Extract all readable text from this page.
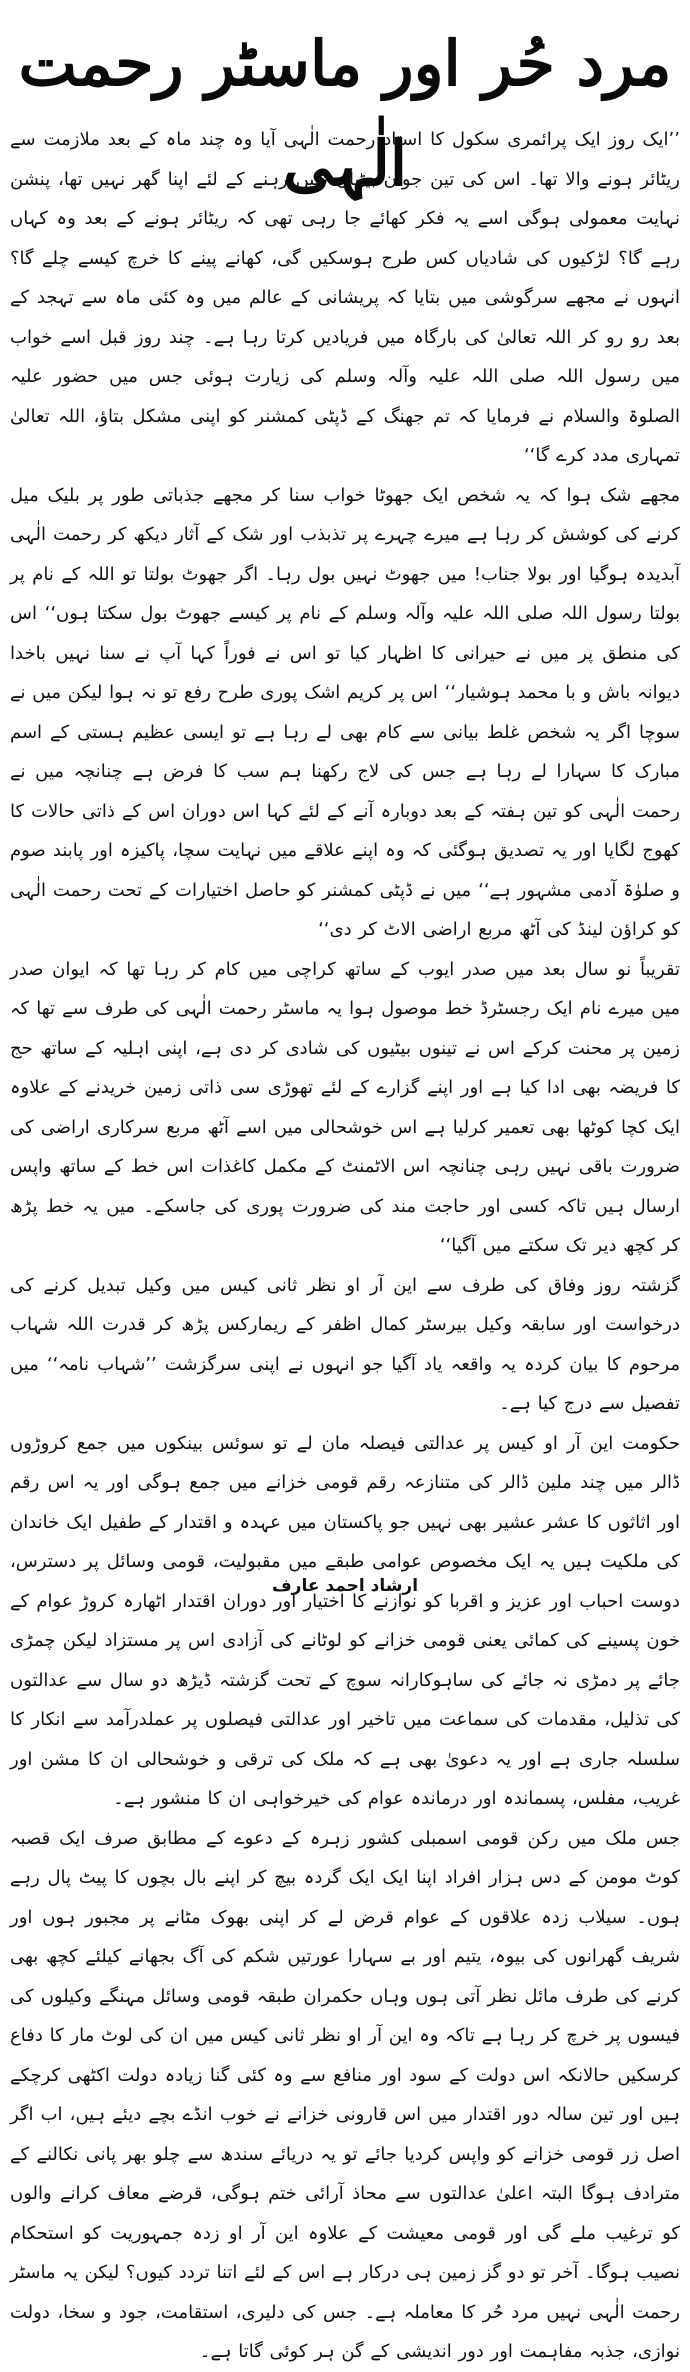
مرد حُر اور ماسٹر رحمت الٰہی

’’ایک روز ایک پرائمری سکول کا استاد رحمت الٰہی آیا وہ چند ماہ کے بعد ملازمت سے ریٹائر ہونے والا تھا۔ اس کی تین جوان بیٹیاں تھیں رہنے کے لئے اپنا گھر نہیں تھا، پنشن نہایت معمولی ہوگی اسے یہ فکر کھائے جا رہی تھی کہ ریٹائر ہونے کے بعد وہ کہاں رہے گا؟ لڑکیوں کی شادیاں کس طرح ہوسکیں گی، کھانے پینے کا خرچ کیسے چلے گا؟ انہوں نے مجھے سرگوشی میں بتایا کہ پریشانی کے عالم میں وہ کئی ماہ سے تہجد کے بعد رو رو کر اللہ تعالیٰ کی بارگاہ میں فریادیں کرتا رہا ہے۔ چند روز قبل اسے خواب میں رسول اللہ صلی اللہ علیہ وآلہ وسلم کی زیارت ہوئی جس میں حضور علیہ الصلوۃ والسلام نے فرمایا کہ تم جھنگ کے ڈپٹی کمشنر کو اپنی مشکل بتاؤ، اللہ تعالیٰ تمہاری مدد کرے گا‘‘

مجھے شک ہوا کہ یہ شخص ایک جھوٹا خواب سنا کر مجھے جذباتی طور پر بلیک میل کرنے کی کوشش کر رہا ہے میرے چہرے پر تذبذب اور شک کے آثار دیکھ کر رحمت الٰہی آبدیدہ ہوگیا اور بولا جناب! میں جھوٹ نہیں بول رہا۔ اگر جھوٹ بولتا تو اللہ کے نام پر بولتا رسول اللہ صلی اللہ علیہ وآلہ وسلم کے نام پر کیسے جھوٹ بول سکتا ہوں‘‘ اس کی منطق پر میں نے حیرانی کا اظہار کیا تو اس نے فوراً کہا آپ نے سنا نہیں باخدا دیوانہ باش و با محمد ہوشیار‘‘ اس پر کریم اشک پوری طرح رفع تو نہ ہوا لیکن میں نے سوچا اگر یہ شخص غلط بیانی سے کام بھی لے رہا ہے تو ایسی عظیم ہستی کے اسم مبارک کا سہارا لے رہا ہے جس کی لاج رکھنا ہم سب کا فرض ہے چنانچہ میں نے رحمت الٰہی کو تین ہفتہ کے بعد دوبارہ آنے کے لئے کہا اس دوران اس کے ذاتی حالات کا کھوج لگایا اور یہ تصدیق ہوگئی کہ وہ اپنے علاقے میں نہایت سچا، پاکیزہ اور پابند صوم و صلوٰۃ آدمی مشہور ہے‘‘ میں نے ڈپٹی کمشنر کو حاصل اختیارات کے تحت رحمت الٰہی کو کراؤن لینڈ کی آٹھ مربع اراضی الاٹ کر دی‘‘

تقریباً نو سال بعد میں صدر ایوب کے ساتھ کراچی میں کام کر رہا تھا کہ ایوان صدر میں میرے نام ایک رجسٹرڈ خط موصول ہوا یہ ماسٹر رحمت الٰہی کی طرف سے تھا کہ زمین پر محنت کرکے اس نے تینوں بیٹیوں کی شادی کر دی ہے، اپنی اہلیہ کے ساتھ حج کا فریضہ بھی ادا کیا ہے اور اپنے گزارے کے لئے تھوڑی سی ذاتی زمین خریدنے کے علاوہ ایک کچا کوٹھا بھی تعمیر کرلیا ہے اس خوشحالی میں اسے آٹھ مربع سرکاری اراضی کی ضرورت باقی نہیں رہی چنانچہ اس الاٹمنٹ کے مکمل کاغذات اس خط کے ساتھ واپس ارسال ہیں تاکہ کسی اور حاجت مند کی ضرورت پوری کی جاسکے۔ میں یہ خط پڑھ کر کچھ دیر تک سکتے میں آگیا‘‘

گزشتہ روز وفاق کی طرف سے این آر او نظر ثانی کیس میں وکیل تبدیل کرنے کی درخواست اور سابقہ وکیل بیرسٹر کمال اظفر کے ریمارکس پڑھ کر قدرت اللہ شہاب مرحوم کا بیان کردہ یہ واقعہ یاد آگیا جو انہوں نے اپنی سرگزشت ’’شہاب نامہ‘‘ میں تفصیل سے درج کیا ہے۔

حکومت این آر او کیس پر عدالتی فیصلہ مان لے تو سوئس بینکوں میں جمع کروڑوں ڈالر میں چند ملین ڈالر کی متنازعہ رقم قومی خزانے میں جمع ہوگی اور یہ اس رقم اور اثاثوں کا عشر عشیر بھی نہیں جو پاکستان میں عہدہ و اقتدار کے طفیل ایک خاندان کی ملکیت ہیں یہ ایک مخصوص عوامی طبقے میں مقبولیت، قومی وسائل پر دسترس، دوست احباب اور عزیز و اقربا کو نوازنے کا اختیار اور دوران اقتدار اٹھارہ کروڑ عوام کے خون پسینے کی کمائی یعنی قومی خزانے کو لوٹانے کی آزادی اس پر مستزاد لیکن چمڑی جائے پر دمڑی نہ جائے کی ساہوکارانہ سوچ کے تحت گزشتہ ڈیڑھ دو سال سے عدالتوں کی تذلیل، مقدمات کی سماعت میں تاخیر اور عدالتی فیصلوں پر عملدرآمد سے انکار کا سلسلہ جاری ہے اور یہ دعویٰ بھی ہے کہ ملک کی ترقی و خوشحالی ان کا مشن اور غریب، مفلس، پسماندہ اور درماندہ عوام کی خیرخواہی ان کا منشور ہے۔

جس ملک میں رکن قومی اسمبلی کشور زہرہ کے دعوے کے مطابق صرف ایک قصبہ کوٹ مومن کے دس ہزار افراد اپنا ایک ایک گردہ بیچ کر اپنے بال بچوں کا پیٹ پال رہے ہوں۔ سیلاب زدہ علاقوں کے عوام قرض لے کر اپنی بھوک مٹانے پر مجبور ہوں اور شریف گھرانوں کی بیوہ، یتیم اور بے سہارا عورتیں شکم کی آگ بجھانے کیلئے کچھ بھی کرنے کی طرف مائل نظر آتی ہوں وہاں حکمران طبقہ قومی وسائل مہنگے وکیلوں کی فیسوں پر خرچ کر رہا ہے تاکہ وہ این آر او نظر ثانی کیس میں ان کی لوٹ مار کا دفاع کرسکیں حالانکہ اس دولت کے سود اور منافع سے وہ کئی گنا زیادہ دولت اکٹھی کرچکے ہیں اور تین سالہ دور اقتدار میں اس قارونی خزانے نے خوب انڈے بچے دیئے ہیں، اب اگر اصل زر قومی خزانے کو واپس کردیا جائے تو یہ دریائے سندھ سے چلو بھر پانی نکالنے کے مترادف ہوگا البتہ اعلیٰ عدالتوں سے محاذ آرائی ختم ہوگی، قرضے معاف کرانے والوں کو ترغیب ملے گی اور قومی معیشت کے علاوہ این آر او زدہ جمہوریت کو استحکام نصیب ہوگا۔ آخر تو دو گز زمین ہی درکار ہے اس کے لئے اتنا تردد کیوں؟ لیکن یہ ماسٹر رحمت الٰہی نہیں مرد حُر کا معاملہ ہے۔ جس کی دلیری، استقامت، جود و سخا، دولت نوازی، جذبہ مفاہمت اور دور اندیشی کے گن ہر کوئی گاتا ہے۔

ارشاد احمد عارف
